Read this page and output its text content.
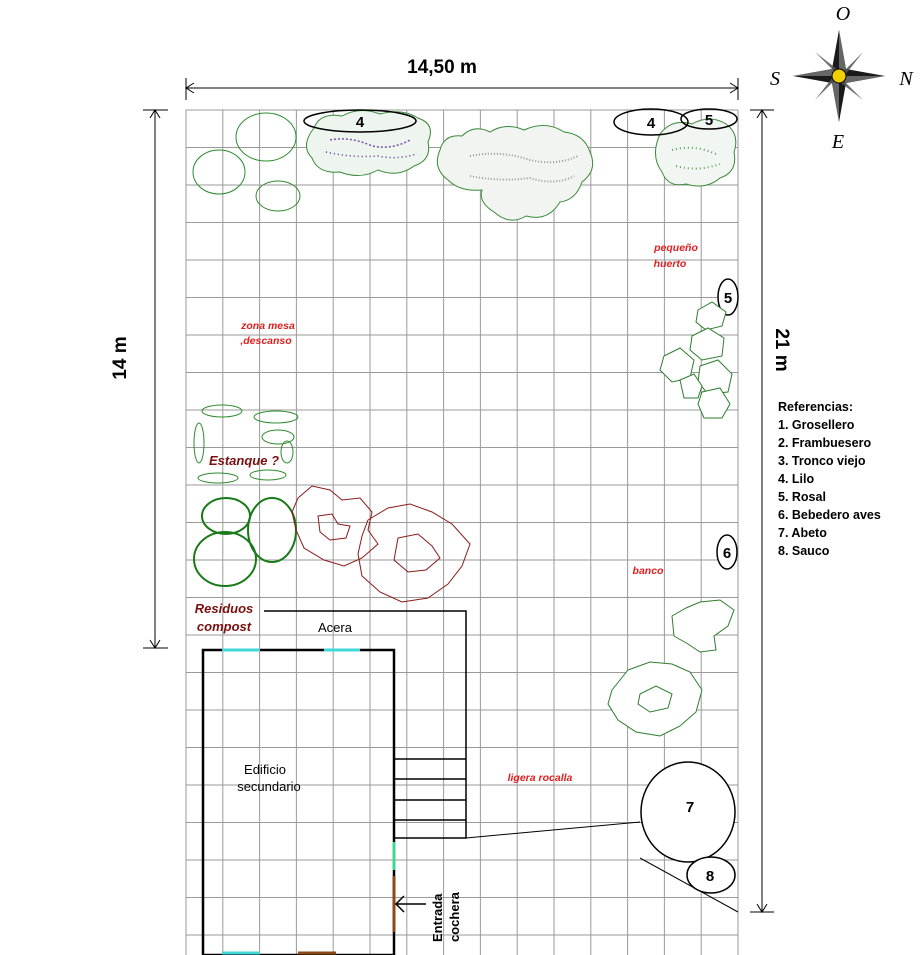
14,50 m
14 m	21 m
O
S	N
E
4	4	5
pequeño
huerto
zona mesa
,descanso
5
Estanque ?
6
banco
Residuos
compost	Acera
Edificio
secundario
Entrada cochera
ligera rocalla
7
8
Referencias:
1. Grosellero
2. Frambuesero
3. Tronco viejo
4. Lilo
5. Rosal
6. Bebedero aves
7. Abeto
8. Sauco
